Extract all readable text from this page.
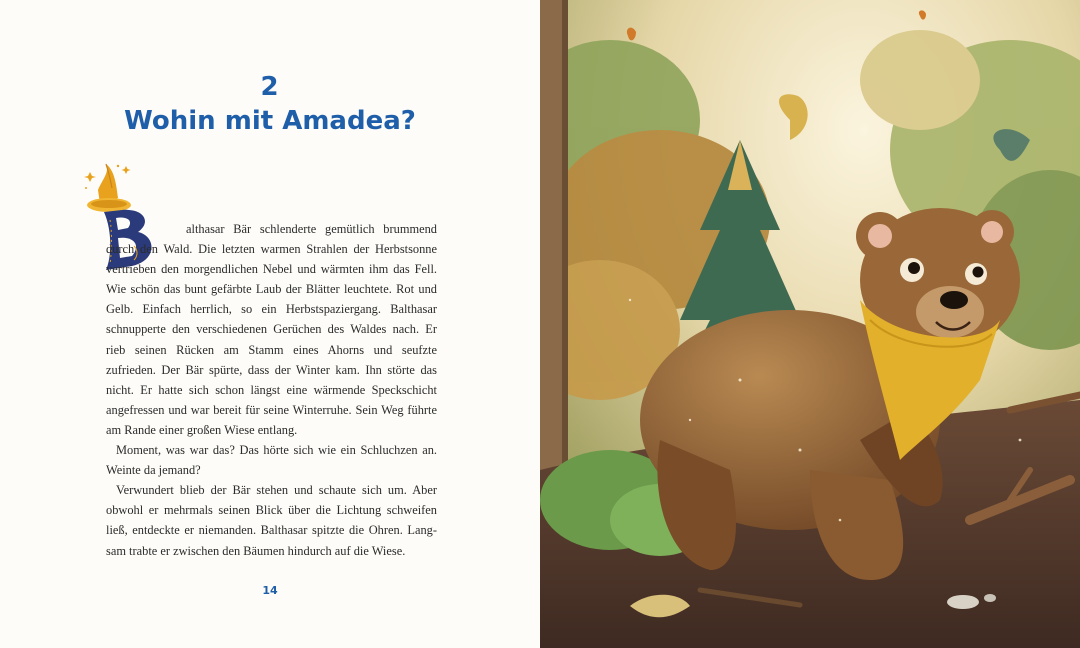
2
Wohin mit Amadea?

althasar Bär schlenderte gemütlich brummend durch den Wald. Die letzten warmen Strahlen der Herbstsonne vertrieben den morgendlichen Nebel und wärmten ihm das Fell. Wie schön das bunt gefärbte Laub der Blätter leuchtete. Rot und Gelb. Einfach herrlich, so ein Herbstspaziergang. Balthasar schnupperte den verschiedenen Gerüchen des Waldes nach. Er rieb seinen Rücken am Stamm eines Ahorns und seufzte zufrieden. Der Bär spürte, dass der Winter kam. Ihn störte das nicht. Er hatte sich schon längst eine wärmende Speckschicht angefressen und war bereit für seine Winterruhe. Sein Weg führte am Rande einer großen Wiese entlang.

Moment, was war das? Das hörte sich wie ein Schluchzen an. Weinte da jemand?

Verwundert blieb der Bär stehen und schaute sich um. Aber obwohl er mehrmals seinen Blick über die Lichtung schweifen ließ, entdeckte er niemanden. Balthasar spitzte die Ohren. Langsam trabte er zwischen den Bäumen hindurch auf die Wiese.

14
